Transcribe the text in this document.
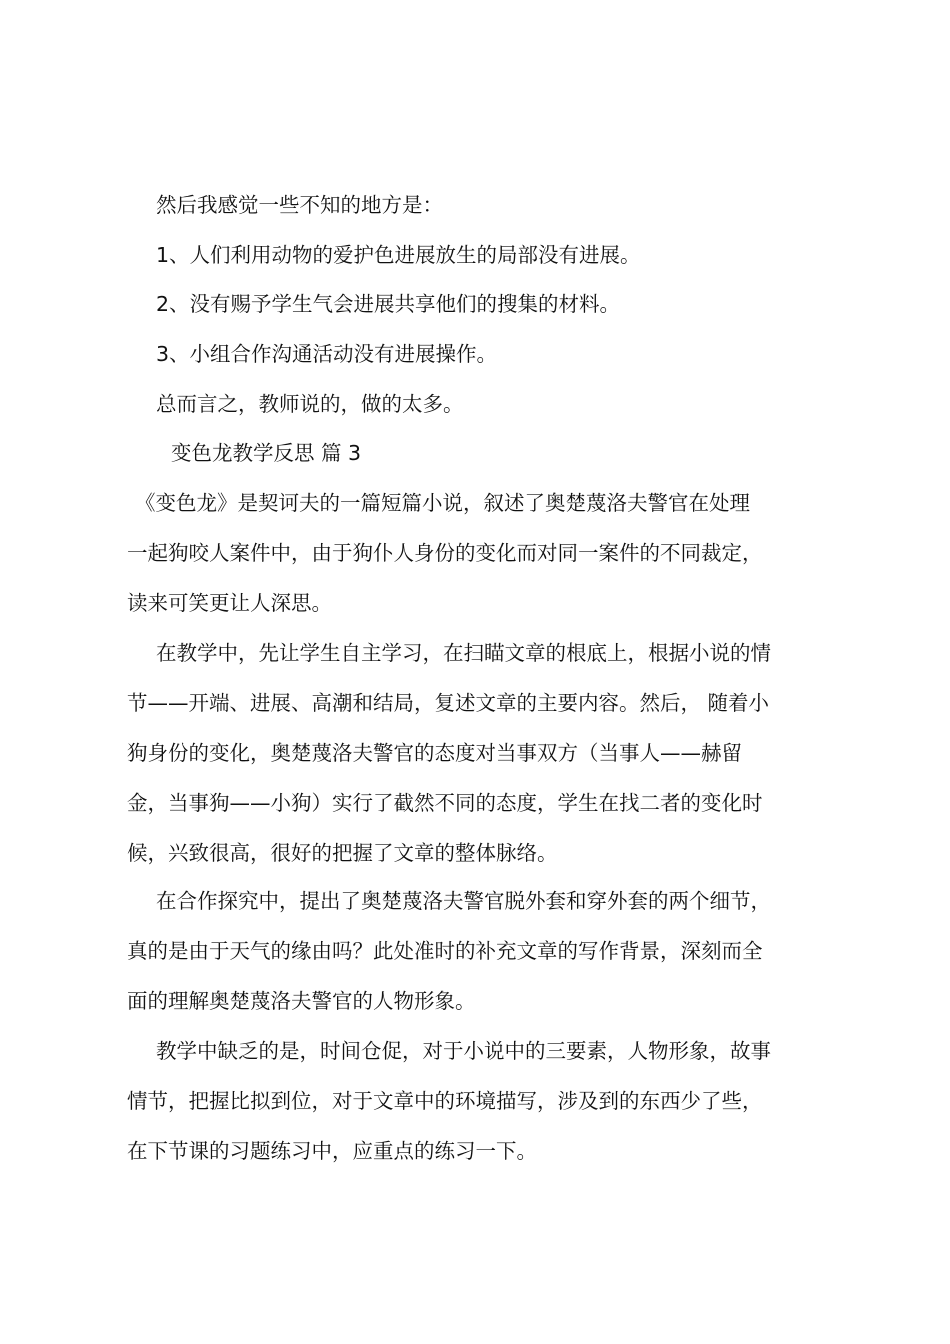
然后我感觉一些不知的地方是：
1、人们利用动物的爱护色进展放生的局部没有进展。
2、没有赐予学生气会进展共享他们的搜集的材料。
3、小组合作沟通活动没有进展操作。
总而言之，教师说的，做的太多。
变色龙教学反思 篇 3
《变色龙》是契诃夫的一篇短篇小说，叙述了奥楚蔑洛夫警官在处理
一起狗咬人案件中，由于狗仆人身份的变化而对同一案件的不同裁定，
读来可笑更让人深思。
在教学中，先让学生自主学习，在扫瞄文章的根底上，根据小说的情
节——开端、进展、高潮和结局，复述文章的主要内容。然后， 随着小
狗身份的变化，奥楚蔑洛夫警官的态度对当事双方（当事人——赫留
金，当事狗——小狗）实行了截然不同的态度，学生在找二者的变化时
候，兴致很高，很好的把握了文章的整体脉络。
在合作探究中，提出了奥楚蔑洛夫警官脱外套和穿外套的两个细节，
真的是由于天气的缘由吗？此处准时的补充文章的写作背景，深刻而全
面的理解奥楚蔑洛夫警官的人物形象。
教学中缺乏的是，时间仓促，对于小说中的三要素，人物形象，故事
情节，把握比拟到位，对于文章中的环境描写，涉及到的东西少了些，
在下节课的习题练习中，应重点的练习一下。
